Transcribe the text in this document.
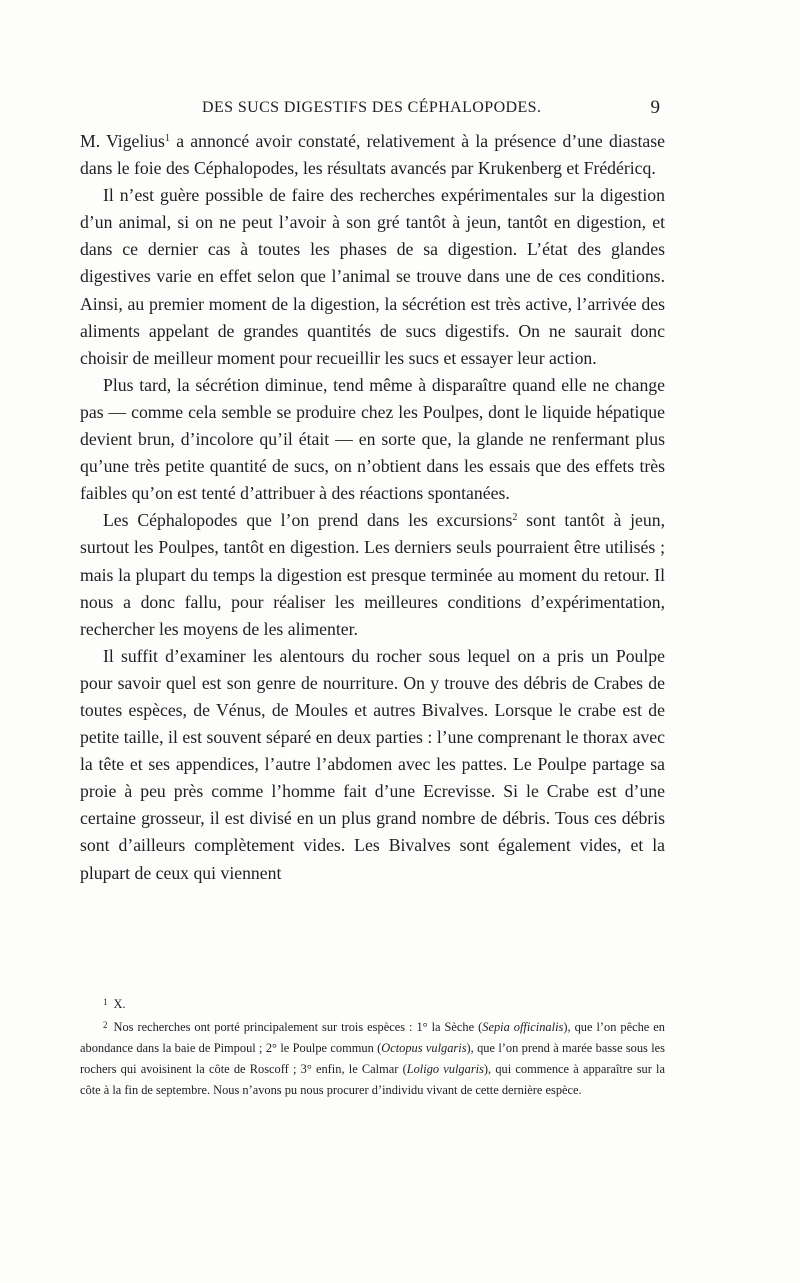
DES SUCS DIGESTIFS DES CÉPHALOPODES.	9

M. Vigelius$^1$ a annoncé avoir constaté, relativement à la présence d’une diastase dans le foie des Céphalopodes, les résultats avancés par Krukenberg et Frédéricq.

Il n’est guère possible de faire des recherches expérimentales sur la digestion d’un animal, si on ne peut l’avoir à son gré tantôt à jeun, tantôt en digestion, et dans ce dernier cas à toutes les phases de sa digestion. L’état des glandes digestives varie en effet selon que l’animal se trouve dans une de ces conditions. Ainsi, au premier moment de la digestion, la sécrétion est très active, l’arrivée des aliments appelant de grandes quantités de sucs digestifs. On ne saurait donc choisir de meilleur moment pour recueillir les sucs et essayer leur action.

Plus tard, la sécrétion diminue, tend même à disparaître quand elle ne change pas — comme cela semble se produire chez les Poulpes, dont le liquide hépatique devient brun, d’incolore qu’il était — en sorte que, la glande ne renfermant plus qu’une très petite quantité de sucs, on n’obtient dans les essais que des effets très faibles qu’on est tenté d’attribuer à des réactions spontanées.

Les Céphalopodes que l’on prend dans les excursions$^2$ sont tantôt à jeun, surtout les Poulpes, tantôt en digestion. Les derniers seuls pourraient être utilisés ; mais la plupart du temps la digestion est presque terminée au moment du retour. Il nous a donc fallu, pour réaliser les meilleures conditions d’expérimentation, rechercher les moyens de les alimenter.

Il suffit d’examiner les alentours du rocher sous lequel on a pris un Poulpe pour savoir quel est son genre de nourriture. On y trouve des débris de Crabes de toutes espèces, de Vénus, de Moules et autres Bivalves. Lorsque le crabe est de petite taille, il est souvent séparé en deux parties : l’une comprenant le thorax avec la tête et ses appendices, l’autre l’abdomen avec les pattes. Le Poulpe partage sa proie à peu près comme l’homme fait d’une Ecrevisse. Si le Crabe est d’une certaine grosseur, il est divisé en un plus grand nombre de débris. Tous ces débris sont d’ailleurs complètement vides. Les Bivalves sont également vides, et la plupart de ceux qui viennent

$^1$ X.

$^2$ Nos recherches ont porté principalement sur trois espèces : 1° la Sèche (Sepia officinalis), que l’on pêche en abondance dans la baie de Pimpoul ; 2° le Poulpe commun (Octopus vulgaris), que l’on prend à marée basse sous les rochers qui avoisinent la côte de Roscoff ; 3° enfin, le Calmar (Loligo vulgaris), qui commence à apparaître sur la côte à la fin de septembre. Nous n’avons pu nous procurer d’individu vivant de cette dernière espèce.
